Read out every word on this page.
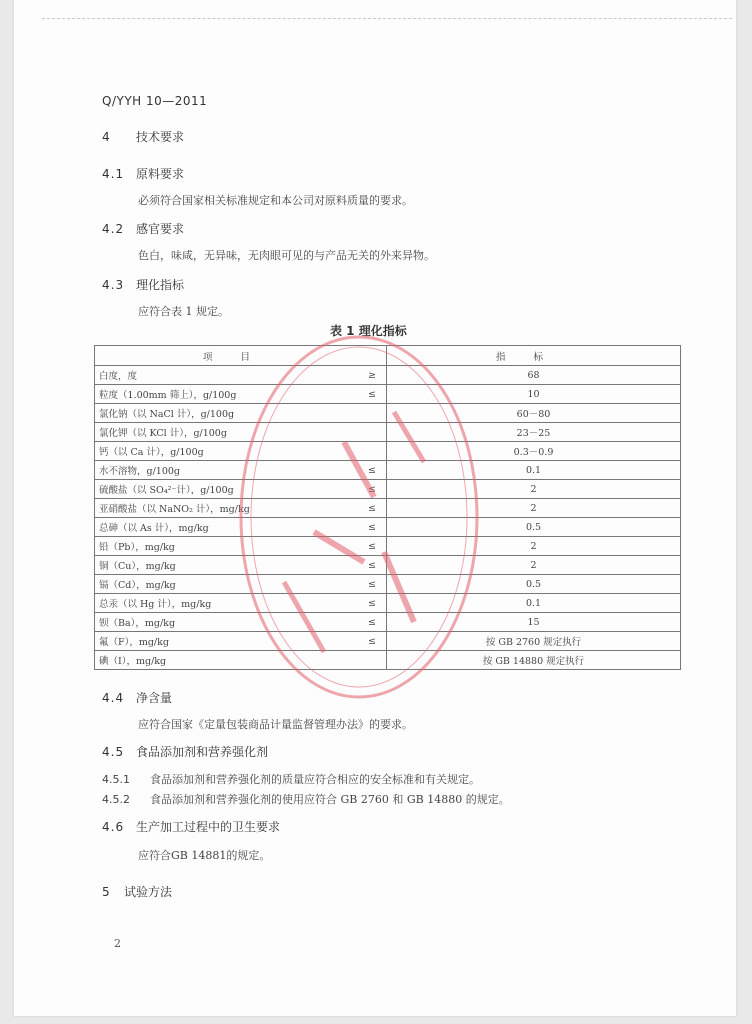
Q/YYH 10—2011
4 技术要求
4.1 原料要求
必须符合国家相关标准规定和本公司对原料质量的要求。
4.2 感官要求
色白，味咸，无异味，无肉眼可见的与产品无关的外来异物。
4.3 理化指标
应符合表 1 规定。
表 1 理化指标
项目	指标

白度，度 ≥	68

粒度（1.00mm 筛上），g/100g ≤	10

氯化钠（以 NaCl 计），g/100g	60－80

氯化钾（以 KCl 计），g/100g	23－25

钙（以 Ca 计），g/100g	0.3－0.9

水不溶物，g/100g ≤	0.1

硫酸盐（以 SO₄²⁻计），g/100g ≤	2

亚硝酸盐（以 NaNO₂ 计），mg/kg ≤	2

总砷（以 As 计），mg/kg ≤	0.5

铅（Pb），mg/kg ≤	2

铜（Cu），mg/kg ≤	2

镉（Cd），mg/kg ≤	0.5

总汞（以 Hg 计），mg/kg ≤	0.1

钡（Ba），mg/kg ≤	15

氟（F），mg/kg ≤	按 GB 2760 规定执行

碘（I），mg/kg	按 GB 14880 规定执行
4.4 净含量
应符合国家《定量包装商品计量监督管理办法》的要求。
4.5 食品添加剂和营养强化剂
4.5.1 食品添加剂和营养强化剂的质量应符合相应的安全标准和有关规定。
4.5.2 食品添加剂和营养强化剂的使用应符合 GB 2760 和 GB 14880 的规定。
4.6 生产加工过程中的卫生要求
应符合GB 14881的规定。
5 试验方法
2
